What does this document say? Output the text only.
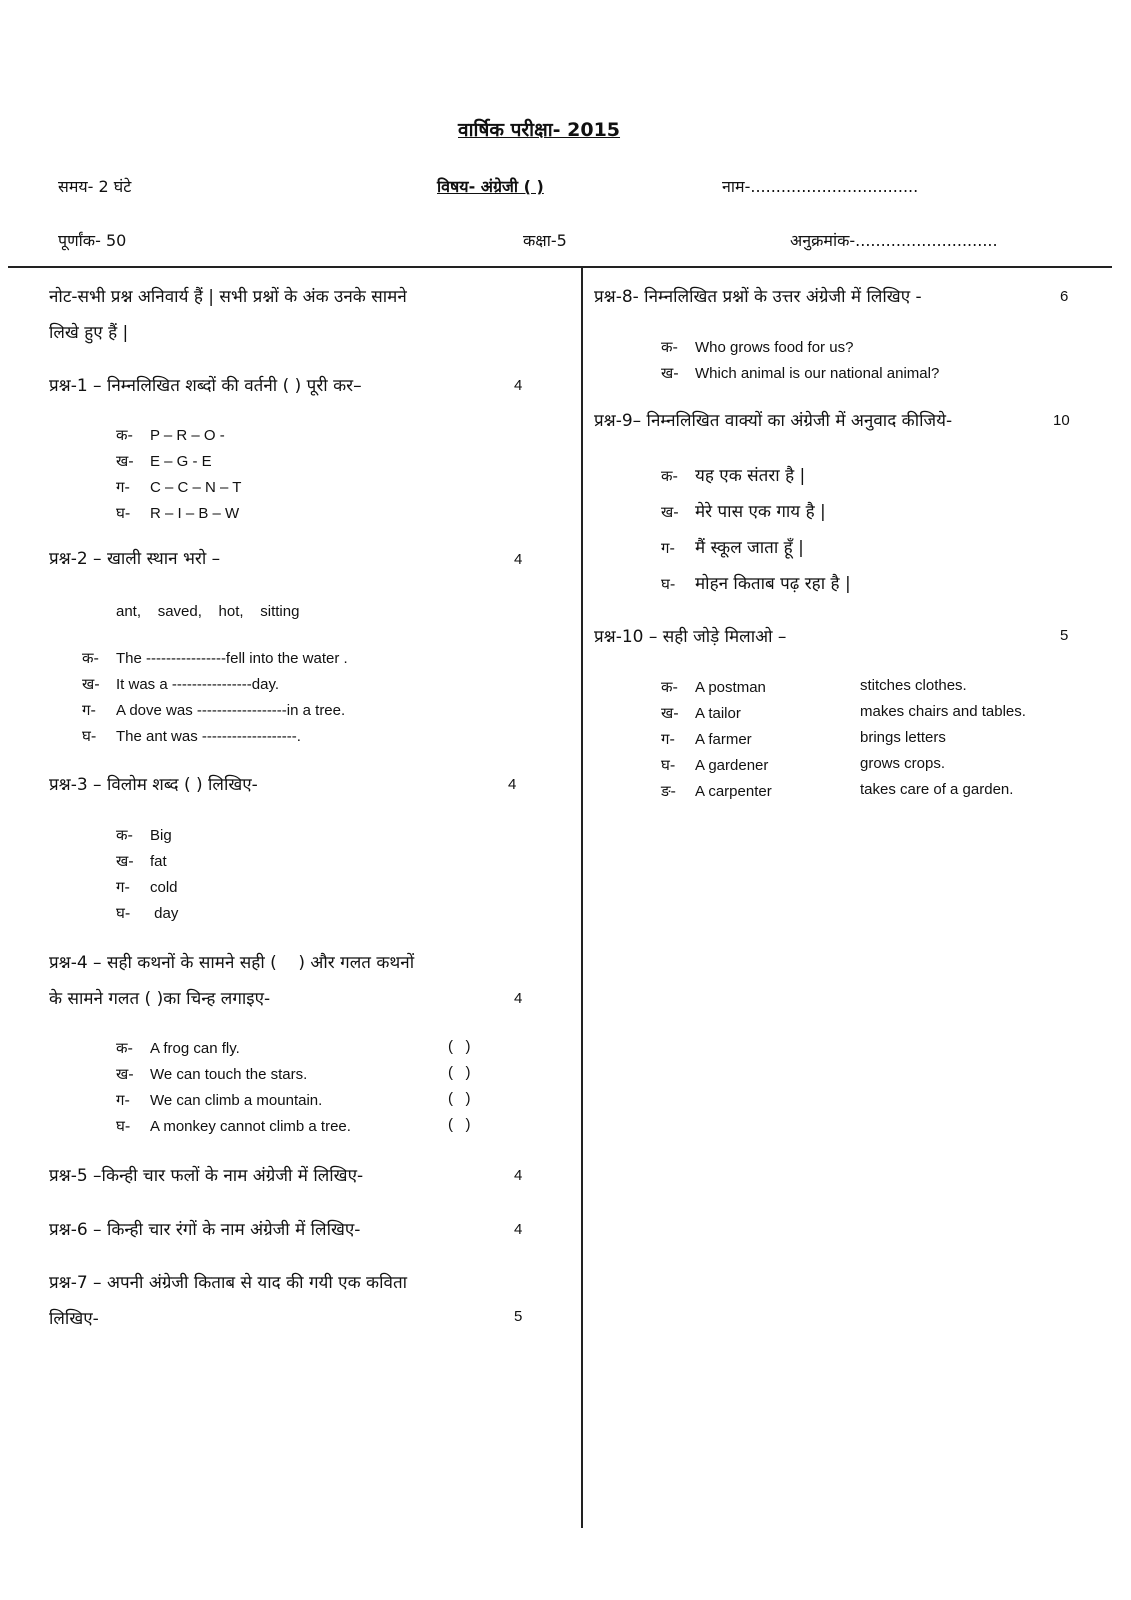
वार्षिक परीक्षा- 2015
समय- 2 घंटे	विषय- अंग्रेजी ( )	नाम-.................................
पूर्णांक- 50	कक्षा-5	अनुक्रमांक-............................
नोट-सभी प्रश्न अनिवार्य हैं | सभी प्रश्नों के अंक उनके सामने
लिखे हुए हैं |
प्रश्न-1 – निम्नलिखित शब्दों की वर्तनी ( ) पूरी कर–	4
क- P – R – O -
ख- E – G - E
ग- C – C – N – T
घ- R – I – B – W
प्रश्न-2 – खाली स्थान भरो –	4
ant,    saved,    hot,    sitting
क- The ----------------fell into the water .
ख- It was a ----------------day.
ग- A dove was ------------------in a tree.
घ- The ant was -------------------.
प्रश्न-3 – विलोम शब्द ( ) लिखिए-	4
क- Big
ख- fat
ग- cold
घ- day
प्रश्न-4 – सही कथनों के सामने सही (    ) और गलत कथनों
के सामने गलत ( )का चिन्ह लगाइए-	4
क- A frog can fly.	(   )
ख- We can touch the stars.	(   )
ग- We can climb a mountain.	(   )
घ- A monkey cannot climb a tree.	(   )
प्रश्न-5 –किन्ही चार फलों के नाम अंग्रेजी में लिखिए-	4
प्रश्न-6 – किन्ही चार रंगों के नाम अंग्रेजी में लिखिए-	4
प्रश्न-7 – अपनी अंग्रेजी किताब से याद की गयी एक कविता
लिखिए-	5
प्रश्न-8- निम्नलिखित प्रश्नों के उत्तर अंग्रेजी में लिखिए -	6
क- Who grows food for us?
ख- Which animal is our national animal?
प्रश्न-9– निम्नलिखित वाक्यों का अंग्रेजी में अनुवाद कीजिये-	10
क- यह एक संतरा है |
ख- मेरे पास एक गाय है |
ग- मैं स्कूल जाता हूँ |
घ- मोहन किताब पढ़ रहा है |
प्रश्न-10 – सही जोड़े मिलाओ –	5
क- A postman	stitches clothes.
ख- A tailor	makes chairs and tables.
ग- A farmer	brings letters
घ- A gardener	grows crops.
ङ- A carpenter	takes care of a garden.
